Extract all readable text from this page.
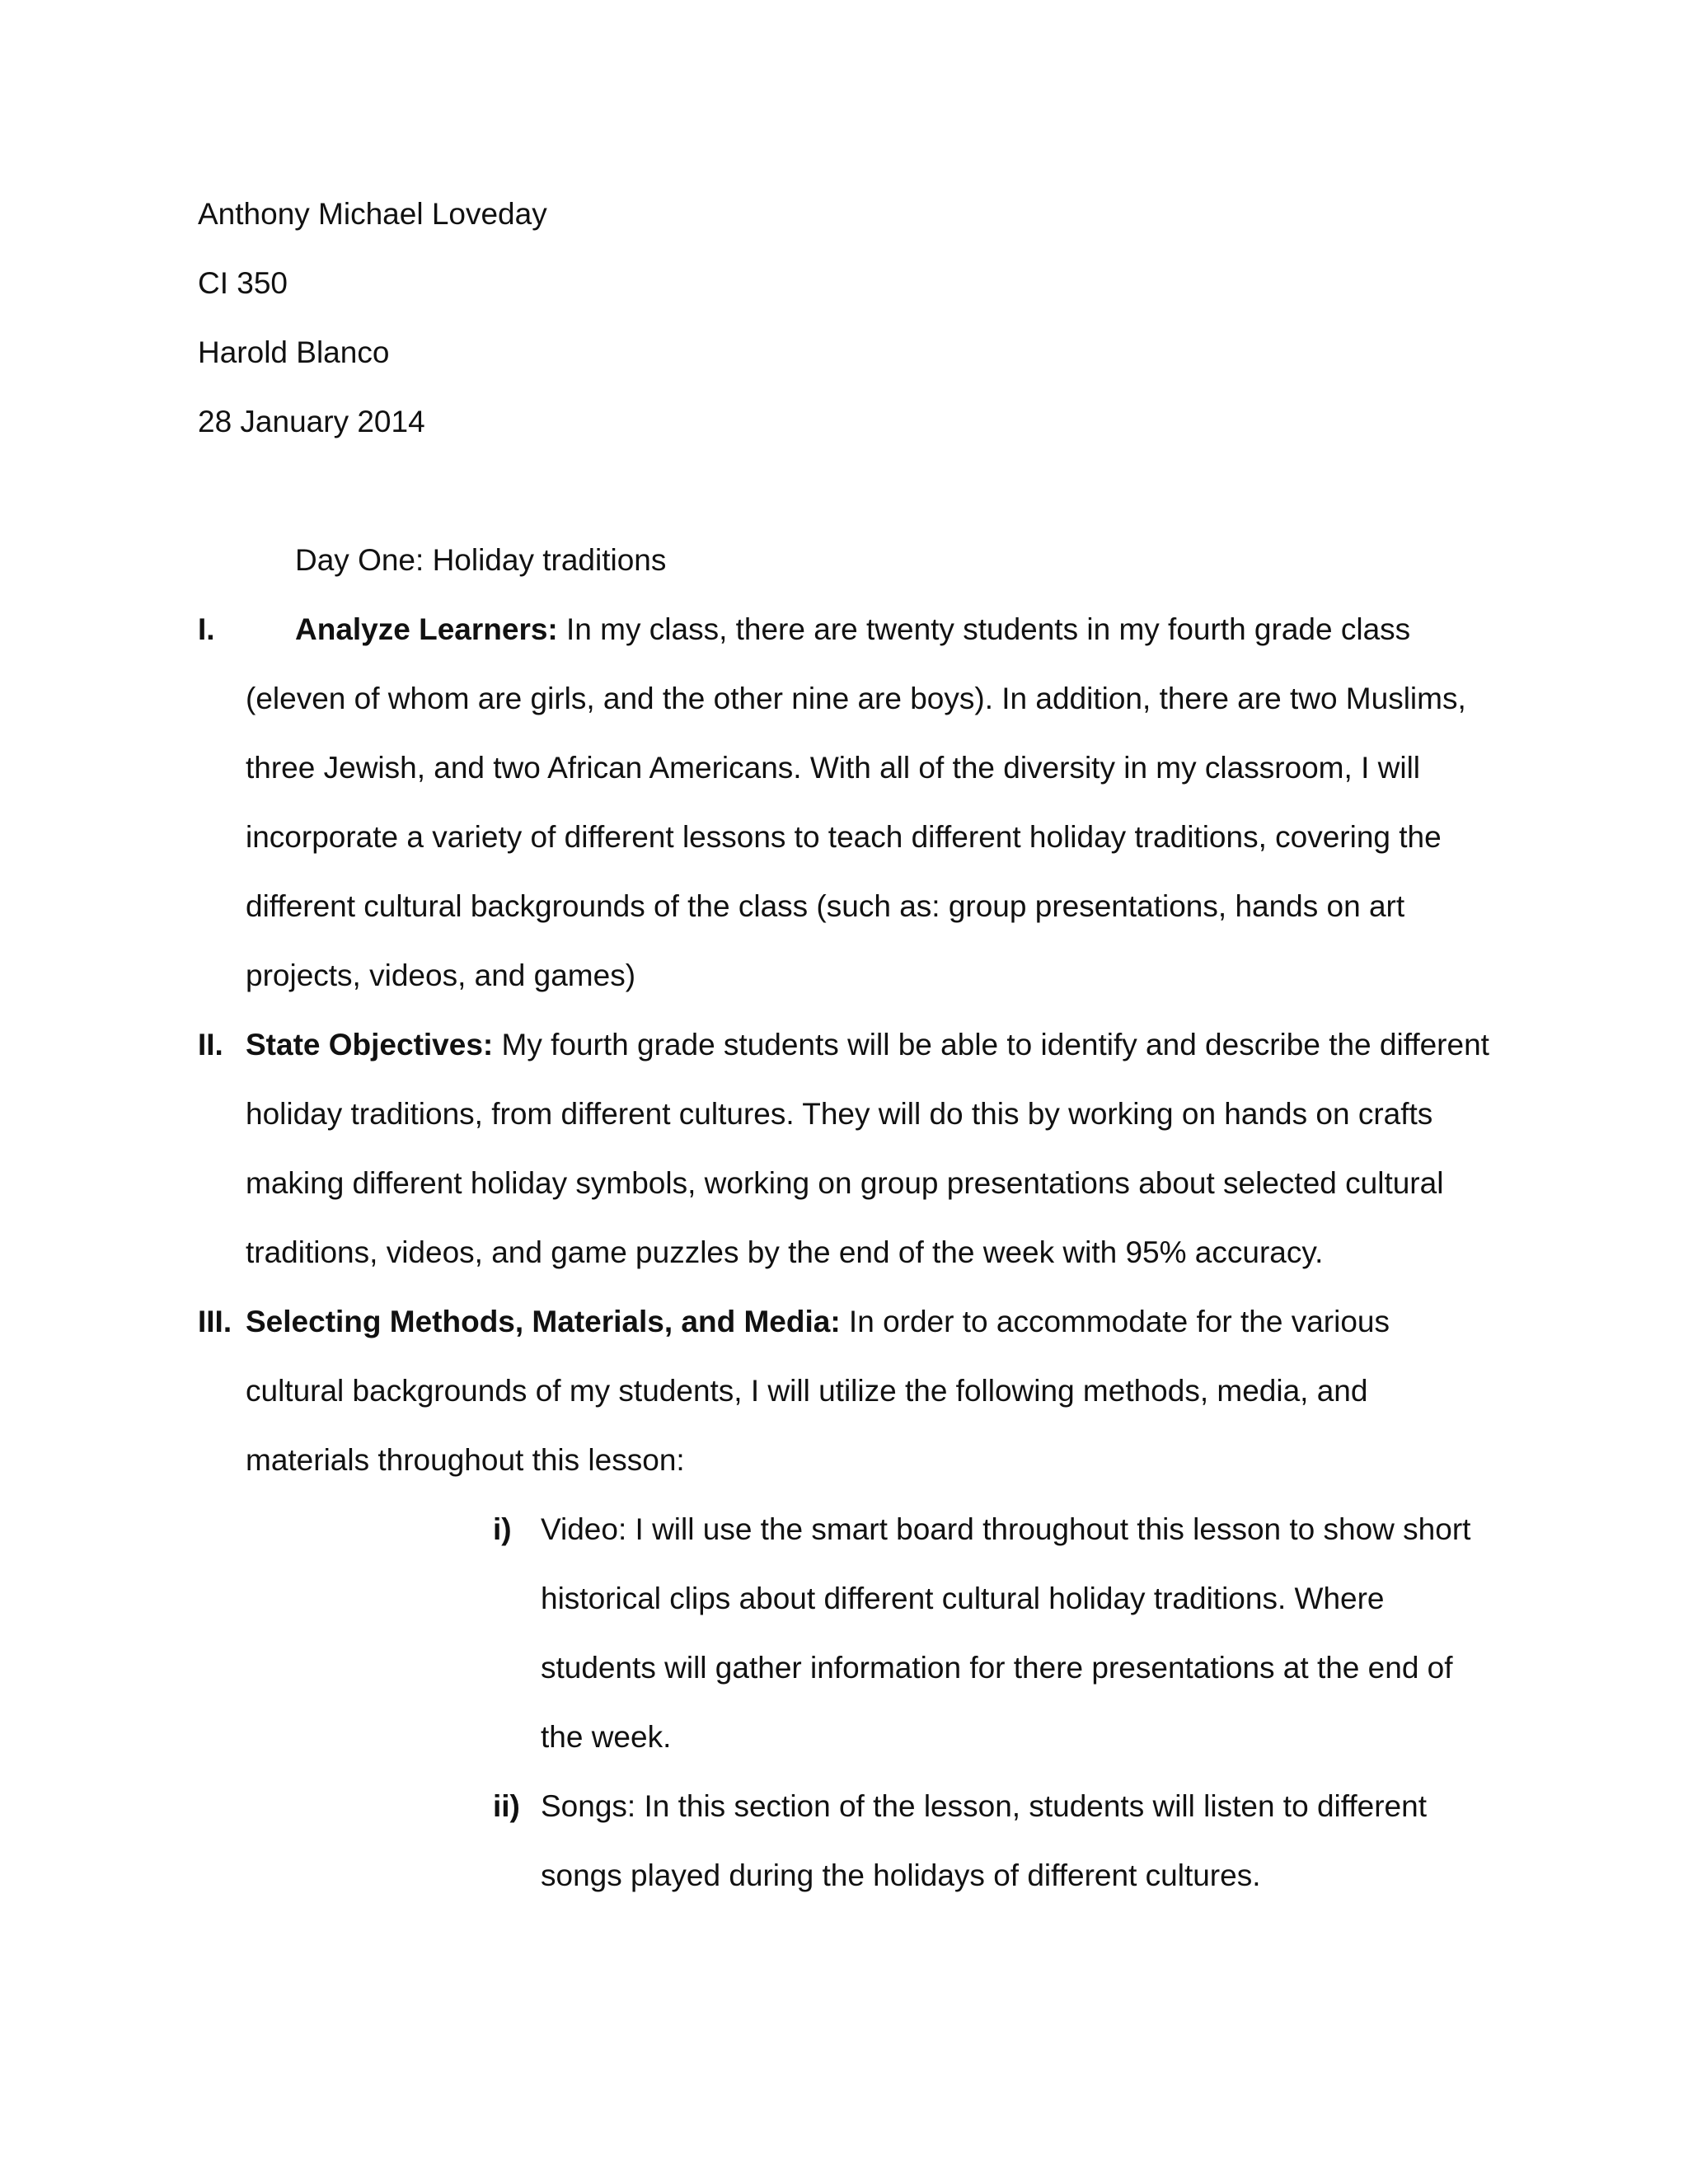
Anthony Michael Loveday
CI 350
Harold Blanco
28 January 2014
Day One: Holiday traditions
I.	Analyze Learners: In my class, there are twenty students in my fourth grade class
(eleven of whom are girls, and the other nine are boys). In addition, there are two Muslims,
three Jewish, and two African Americans. With all of the diversity in my classroom, I will
incorporate a variety of different lessons to teach different holiday traditions, covering the
different cultural backgrounds of the class (such as: group presentations, hands on art
projects, videos, and games)
II. State Objectives: My fourth grade students will be able to identify and describe the different
holiday traditions, from different cultures. They will do this by working on hands on crafts
making different holiday symbols, working on group presentations about selected cultural
traditions, videos, and game puzzles by the end of the week with 95% accuracy.
III. Selecting Methods, Materials, and Media: In order to accommodate for the various
cultural backgrounds of my students, I will utilize the following methods, media, and
materials throughout this lesson:
i) Video: I will use the smart board throughout this lesson to show short
historical clips about different cultural holiday traditions. Where
students will gather information for there presentations at the end of
the week.
ii) Songs: In this section of the lesson, students will listen to different
songs played during the holidays of different cultures.
